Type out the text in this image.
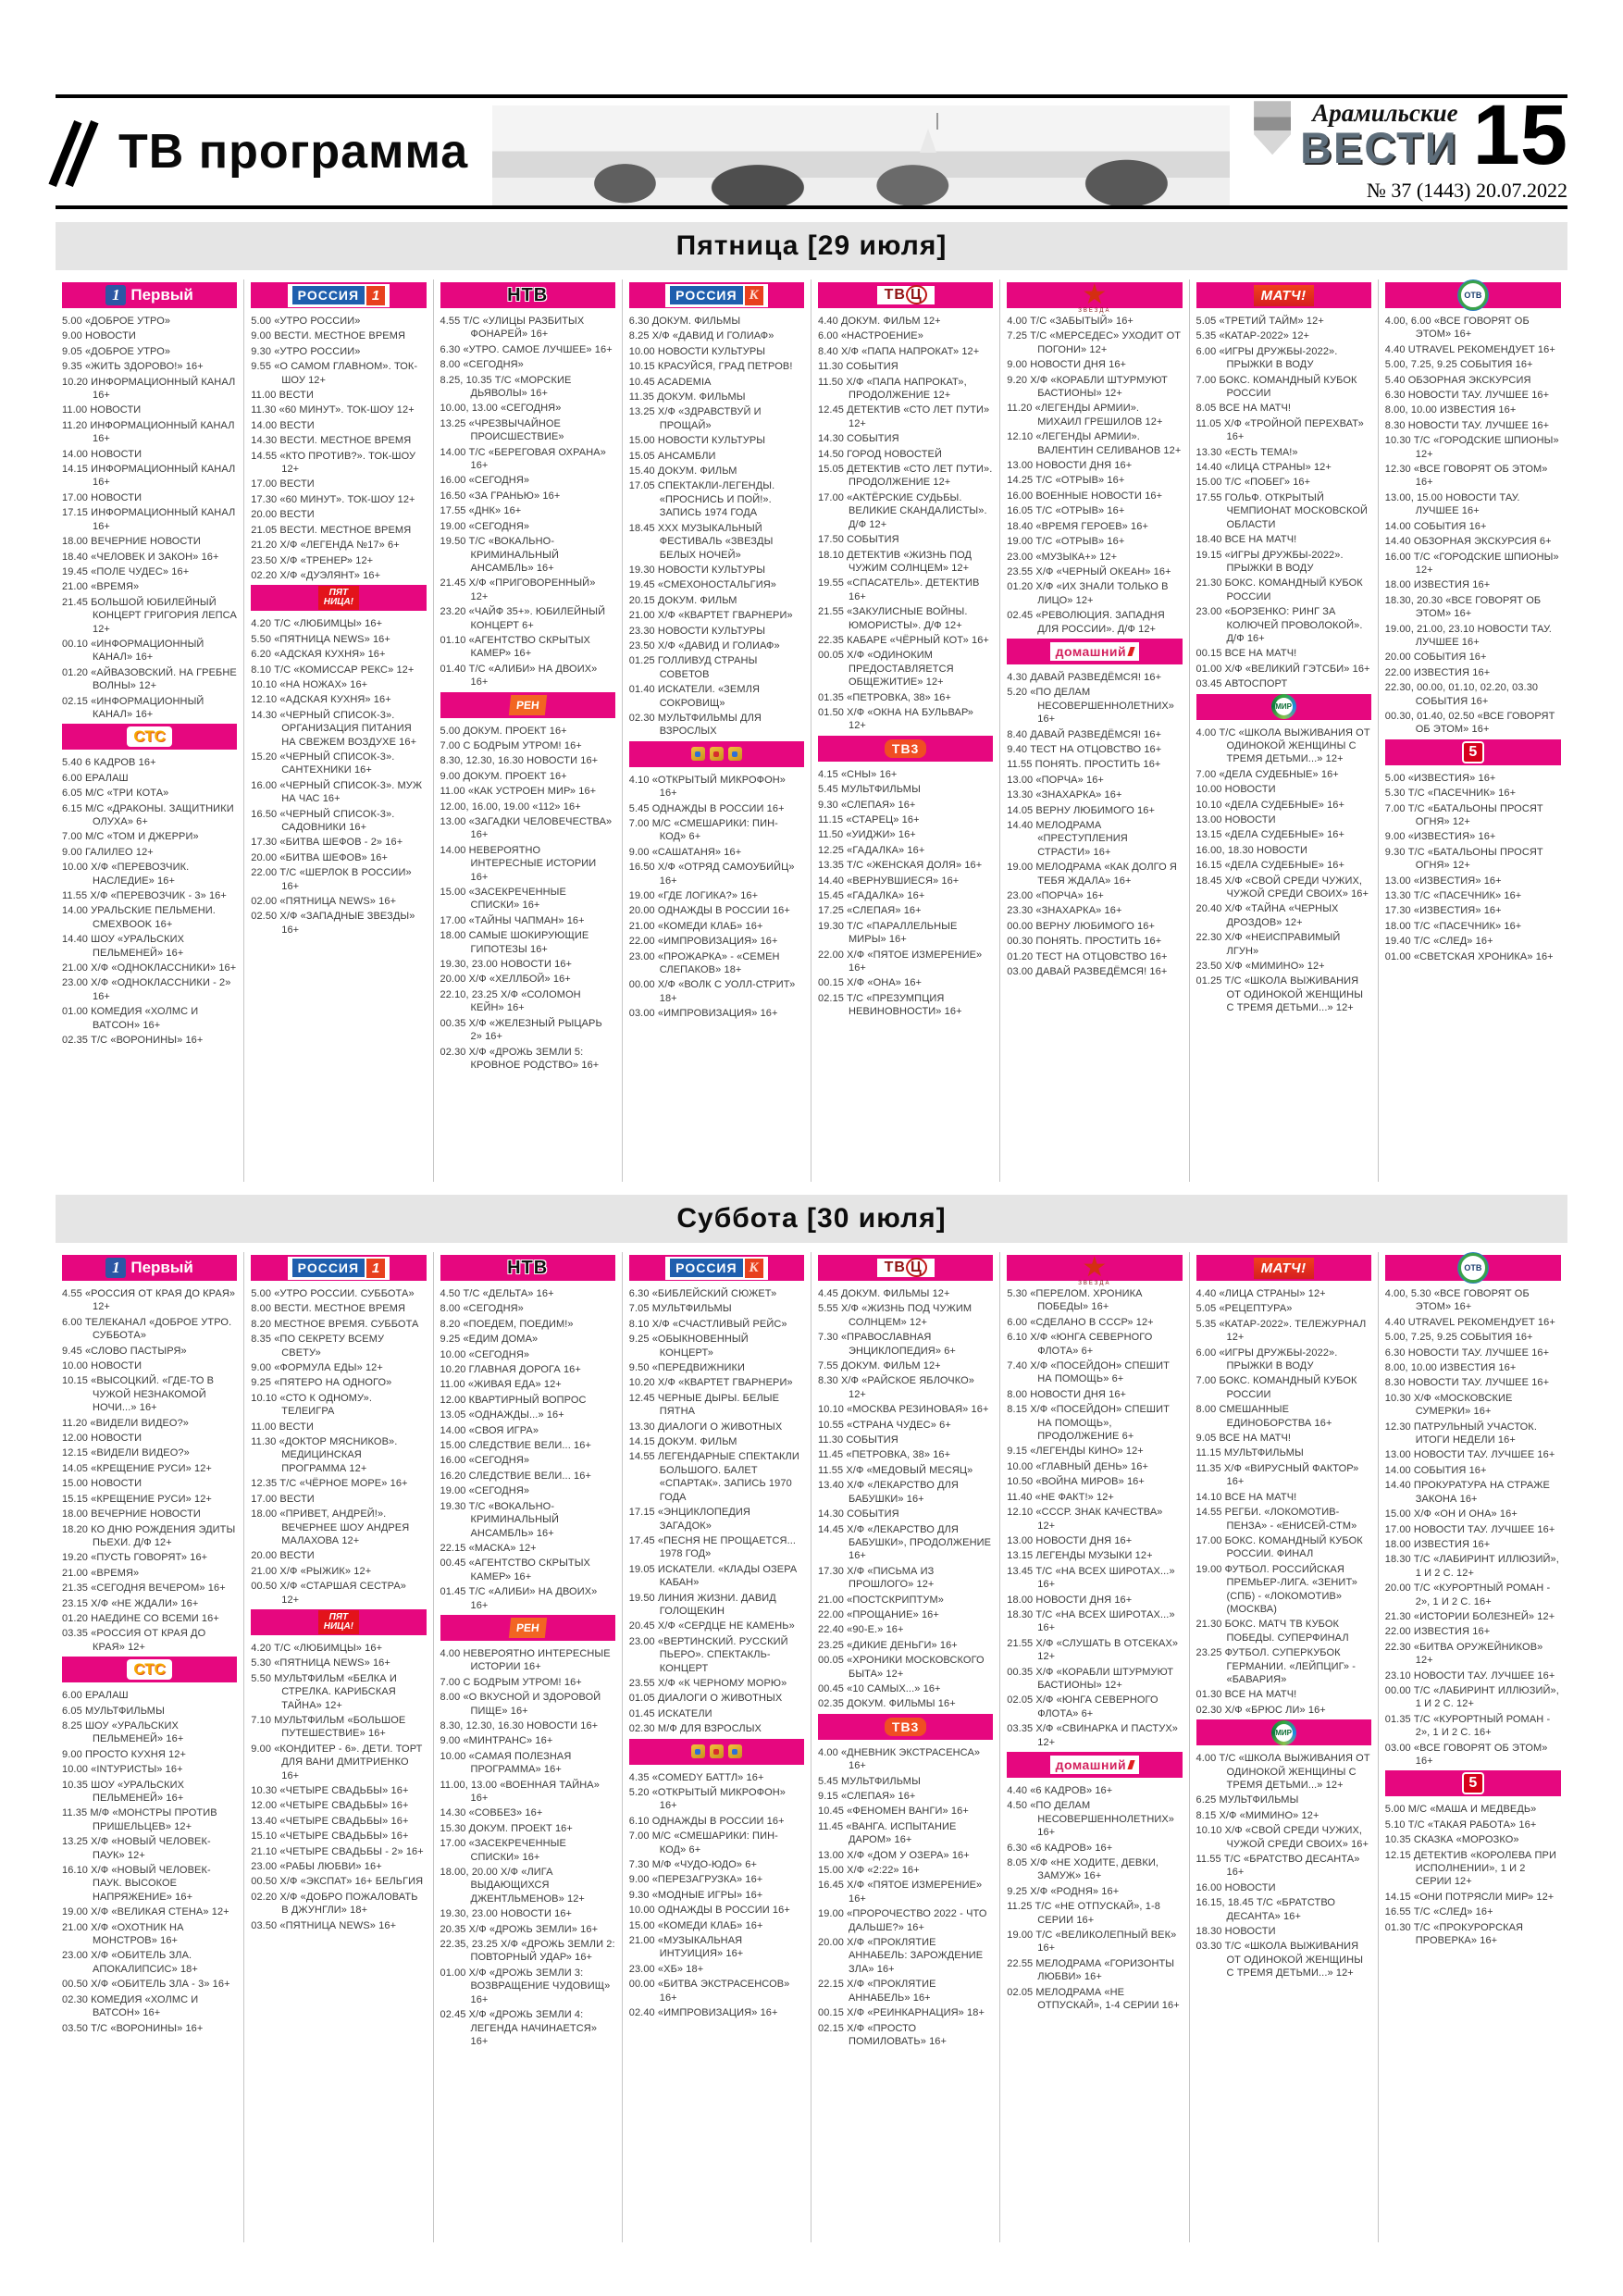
ТВ программа
Арамильские
ВЕСТИ 15
№ 37 (1443) 20.07.2022
Пятница [29 июля]
1 Первый
5.00 «ДОБРОЕ УТРО»
9.00 НОВОСТИ
9.05 «ДОБРОЕ УТРО»
9.35 «ЖИТЬ ЗДОРОВО!» 16+
10.20 ИНФОРМАЦИОННЫЙ КАНАЛ 16+
11.00 НОВОСТИ
11.20 ИНФОРМАЦИОННЫЙ КАНАЛ 16+
14.00 НОВОСТИ
14.15 ИНФОРМАЦИОННЫЙ КАНАЛ 16+
17.00 НОВОСТИ
17.15 ИНФОРМАЦИОННЫЙ КАНАЛ 16+
18.00 ВЕЧЕРНИЕ НОВОСТИ
18.40 «ЧЕЛОВЕК И ЗАКОН» 16+
19.45 «ПОЛЕ ЧУДЕС» 16+
21.00 «ВРЕМЯ»
21.45 БОЛЬШОЙ ЮБИЛЕЙНЫЙ КОНЦЕРТ ГРИГОРИЯ ЛЕПСА 12+
00.10 «ИНФОРМАЦИОННЫЙ КАНАЛ» 16+
01.20 «АЙВАЗОВСКИЙ. НА ГРЕБНЕ ВОЛНЫ» 12+
02.15 «ИНФОРМАЦИОННЫЙ КАНАЛ» 16+
СТС
5.40 6 КАДРОВ 16+
6.00 ЕРАЛАШ
6.05 М/С «ТРИ КОТА»
6.15 М/С «ДРАКОНЫ. ЗАЩИТНИКИ ОЛУХА» 6+
7.00 М/С «ТОМ И ДЖЕРРИ»
9.00 ГАЛИЛЕО 12+
10.00 Х/Ф «ПЕРЕВОЗЧИК. НАСЛЕДИЕ» 16+
11.55 Х/Ф «ПЕРЕВОЗЧИК - 3» 16+
14.00 УРАЛЬСКИЕ ПЕЛЬМЕНИ. СМЕХBOOK 16+
14.40 ШОУ «УРАЛЬСКИХ ПЕЛЬМЕНЕЙ» 16+
21.00 Х/Ф «ОДНОКЛАССНИКИ» 16+
23.00 Х/Ф «ОДНОКЛАССНИКИ - 2» 16+
01.00 КОМЕДИЯ «ХОЛМС И ВАТСОН» 16+
02.35 Т/С «ВОРОНИНЫ» 16+
РОССИЯ 1
5.00 «УТРО РОССИИ»
9.00 ВЕСТИ. МЕСТНОЕ ВРЕМЯ
9.30 «УТРО РОССИИ»
9.55 «О САМОМ ГЛАВНОМ». ТОК-ШОУ 12+
11.00 ВЕСТИ
11.30 «60 МИНУТ». ТОК-ШОУ 12+
14.00 ВЕСТИ
14.30 ВЕСТИ. МЕСТНОЕ ВРЕМЯ
14.55 «КТО ПРОТИВ?». ТОК-ШОУ 12+
17.00 ВЕСТИ
17.30 «60 МИНУТ». ТОК-ШОУ 12+
20.00 ВЕСТИ
21.05 ВЕСТИ. МЕСТНОЕ ВРЕМЯ
21.20 Х/Ф «ЛЕГЕНДА №17» 6+
23.50 Х/Ф «ТРЕНЕР» 12+
02.20 Х/Ф «ДУЭЛЯНТ» 16+
ПЯТ
НИЦА!
4.20 Т/С «ЛЮБИМЦЫ» 16+
5.50 «ПЯТНИЦА NEWS» 16+
6.20 «АДСКАЯ КУХНЯ» 16+
8.10 Т/С «КОМИССАР РЕКС» 12+
10.10 «НА НОЖАХ» 16+
12.10 «АДСКАЯ КУХНЯ» 16+
14.30 «ЧЕРНЫЙ СПИСОК-3». ОРГАНИЗАЦИЯ ПИТАНИЯ НА СВЕЖЕМ ВОЗДУХЕ 16+
15.20 «ЧЕРНЫЙ СПИСОК-3». САНТЕХНИКИ 16+
16.00 «ЧЕРНЫЙ СПИСОК-3». МУЖ НА ЧАС 16+
16.50 «ЧЕРНЫЙ СПИСОК-3». САДОВНИКИ 16+
17.30 «БИТВА ШЕФОВ - 2» 16+
20.00 «БИТВА ШЕФОВ» 16+
22.00 Т/С «ШЕРЛОК В РОССИИ» 16+
02.00 «ПЯТНИЦА NEWS» 16+
02.50 Х/Ф «ЗАПАДНЫЕ ЗВЕЗДЫ» 16+
НТВ
4.55 Т/С «УЛИЦЫ РАЗБИТЫХ ФОНАРЕЙ» 16+
6.30 «УТРО. САМОЕ ЛУЧШЕЕ» 16+
8.00 «СЕГОДНЯ»
8.25, 10.35 Т/С «МОРСКИЕ ДЬЯВОЛЫ» 16+
10.00, 13.00 «СЕГОДНЯ»
13.25 «ЧРЕЗВЫЧАЙНОЕ ПРОИСШЕСТВИЕ»
14.00 Т/С «БЕРЕГОВАЯ ОХРАНА» 16+
16.00 «СЕГОДНЯ»
16.50 «ЗА ГРАНЬЮ» 16+
17.55 «ДНК» 16+
19.00 «СЕГОДНЯ»
19.50 Т/С «ВОКАЛЬНО-КРИМИНАЛЬНЫЙ АНСАМБЛЬ» 16+
21.45 Х/Ф «ПРИГОВОРЕННЫЙ» 12+
23.20 «ЧАЙФ 35+». ЮБИЛЕЙНЫЙ КОНЦЕРТ 6+
01.10 «АГЕНТСТВО СКРЫТЫХ КАМЕР» 16+
01.40 Т/С «АЛИБИ» НА ДВОИХ» 16+
РЕН
5.00 ДОКУМ. ПРОЕКТ 16+
7.00 С БОДРЫМ УТРОМ! 16+
8.30, 12.30, 16.30 НОВОСТИ 16+
9.00 ДОКУМ. ПРОЕКТ 16+
11.00 «КАК УСТРОЕН МИР» 16+
12.00, 16.00, 19.00 «112» 16+
13.00 «ЗАГАДКИ ЧЕЛОВЕЧЕСТВА» 16+
14.00 НЕВЕРОЯТНО ИНТЕРЕСНЫЕ ИСТОРИИ 16+
15.00 «ЗАСЕКРЕЧЕННЫЕ СПИСКИ» 16+
17.00 «ТАЙНЫ ЧАПМАН» 16+
18.00 САМЫЕ ШОКИРУЮЩИЕ ГИПОТЕЗЫ 16+
19.30, 23.00 НОВОСТИ 16+
20.00 Х/Ф «ХЕЛЛБОЙ» 16+
22.10, 23.25 Х/Ф «СОЛОМОН КЕЙН» 16+
00.35 Х/Ф «ЖЕЛЕЗНЫЙ РЫЦАРЬ 2» 16+
02.30 Х/Ф «ДРОЖЬ ЗЕМЛИ 5: КРОВНОЕ РОДСТВО» 16+
РОССИЯ К
6.30 ДОКУМ. ФИЛЬМЫ
8.25 Х/Ф «ДАВИД И ГОЛИАФ»
10.00 НОВОСТИ КУЛЬТУРЫ
10.15 КРАСУЙСЯ, ГРАД ПЕТРОВ!
10.45 ACADEMIA
11.35 ДОКУМ. ФИЛЬМЫ
13.25 Х/Ф «ЗДРАВСТВУЙ И ПРОЩАЙ»
15.00 НОВОСТИ КУЛЬТУРЫ
15.05 АНСАМБЛИ
15.40 ДОКУМ. ФИЛЬМ
17.05 СПЕКТАКЛИ-ЛЕГЕНДЫ. «ПРОСНИСЬ И ПОЙ!». ЗАПИСЬ 1974 ГОДА
18.45 XXX МУЗЫКАЛЬНЫЙ ФЕСТИВАЛЬ «ЗВЕЗДЫ БЕЛЫХ НОЧЕЙ»
19.30 НОВОСТИ КУЛЬТУРЫ
19.45 «СМЕХОНОСТАЛЬГИЯ»
20.15 ДОКУМ. ФИЛЬМ
21.00 Х/Ф «КВАРТЕТ ГВАРНЕРИ»
23.30 НОВОСТИ КУЛЬТУРЫ
23.50 Х/Ф «ДАВИД И ГОЛИАФ»
01.25 ГОЛЛИВУД СТРАНЫ СОВЕТОВ
01.40 ИСКАТЕЛИ. «ЗЕМЛЯ СОКРОВИЩ»
02.30 МУЛЬТФИЛЬМЫ ДЛЯ ВЗРОСЛЫХ
4.10 «ОТКРЫТЫЙ МИКРОФОН» 16+
5.45 ОДНАЖДЫ В РОССИИ 16+
7.00 М/С «СМЕШАРИКИ: ПИН-КОД» 6+
9.00 «САШАТАНЯ» 16+
16.50 Х/Ф «ОТРЯД САМОУБИЙЦ» 16+
19.00 «ГДЕ ЛОГИКА?» 16+
20.00 ОДНАЖДЫ В РОССИИ 16+
21.00 «КОМЕДИ КЛАБ» 16+
22.00 «ИМПРОВИЗАЦИЯ» 16+
23.00 «ПРОЖАРКА» - «СЕМЕН СЛЕПАКОВ» 18+
00.00 Х/Ф «ВОЛК С УОЛЛ-СТРИТ» 18+
03.00 «ИМПРОВИЗАЦИЯ» 16+
ТВ Ц
4.40 ДОКУМ. ФИЛЬМ 12+
6.00 «НАСТРОЕНИЕ»
8.40 Х/Ф «ПАПА НАПРОКАТ» 12+
11.30 СОБЫТИЯ
11.50 Х/Ф «ПАПА НАПРОКАТ», ПРОДОЛЖЕНИЕ 12+
12.45 ДЕТЕКТИВ «СТО ЛЕТ ПУТИ» 12+
14.30 СОБЫТИЯ
14.50 ГОРОД НОВОСТЕЙ
15.05 ДЕТЕКТИВ «СТО ЛЕТ ПУТИ». ПРОДОЛЖЕНИЕ 12+
17.00 «АКТЁРСКИЕ СУДЬБЫ. ВЕЛИКИЕ СКАНДАЛИСТЫ». Д/Ф 12+
17.50 СОБЫТИЯ
18.10 ДЕТЕКТИВ «ЖИЗНЬ ПОД ЧУЖИМ СОЛНЦЕМ» 12+
19.55 «СПАСАТЕЛЬ». ДЕТЕКТИВ 16+
21.55 «ЗАКУЛИСНЫЕ ВОЙНЫ. ЮМОРИСТЫ». Д/Ф 12+
22.35 КАБАРЕ «ЧЁРНЫЙ КОТ» 16+
00.05 Х/Ф «ОДИНОКИМ ПРЕДОСТАВЛЯЕТСЯ ОБЩЕЖИТИЕ» 12+
01.35 «ПЕТРОВКА, 38» 16+
01.50 Х/Ф «ОКНА НА БУЛЬВАР» 12+
ТВ3
4.15 «СНЫ» 16+
5.45 МУЛЬТФИЛЬМЫ
9.30 «СЛЕПАЯ» 16+
11.15 «СТАРЕЦ» 16+
11.50 «УИДЖИ» 16+
12.25 «ГАДАЛКА» 16+
13.35 Т/С «ЖЕНСКАЯ ДОЛЯ» 16+
14.40 «ВЕРНУВШИЕСЯ» 16+
15.45 «ГАДАЛКА» 16+
17.25 «СЛЕПАЯ» 16+
19.30 Т/С «ПАРАЛЛЕЛЬНЫЕ МИРЫ» 16+
22.00 Х/Ф «ПЯТОЕ ИЗМЕРЕНИЕ» 16+
00.15 Х/Ф «ОНА» 16+
02.15 Т/С «ПРЕЗУМПЦИЯ НЕВИНОВНОСТИ» 16+
★
ЗВЕЗДА
4.00 Т/С «ЗАБЫТЫЙ» 16+
7.25 Т/С «МЕРСЕДЕС» УХОДИТ ОТ ПОГОНИ» 12+
9.00 НОВОСТИ ДНЯ 16+
9.20 Х/Ф «КОРАБЛИ ШТУРМУЮТ БАСТИОНЫ» 12+
11.20 «ЛЕГЕНДЫ АРМИИ». МИХАИЛ ГРЕШИЛОВ 12+
12.10 «ЛЕГЕНДЫ АРМИИ». ВАЛЕНТИН СЕЛИВАНОВ 12+
13.00 НОВОСТИ ДНЯ 16+
14.25 Т/С «ОТРЫВ» 16+
16.00 ВОЕННЫЕ НОВОСТИ 16+
16.05 Т/С «ОТРЫВ» 16+
18.40 «ВРЕМЯ ГЕРОЕВ» 16+
19.00 Т/С «ОТРЫВ» 16+
23.00 «МУЗЫКА+» 12+
23.55 Х/Ф «ЧЕРНЫЙ ОКЕАН» 16+
01.20 Х/Ф «ИХ ЗНАЛИ ТОЛЬКО В ЛИЦО» 12+
02.45 «РЕВОЛЮЦИЯ. ЗАПАДНЯ ДЛЯ РОССИИ». Д/Ф 12+
домашний
4.30 ДАВАЙ РАЗВЕДЁМСЯ! 16+
5.20 «ПО ДЕЛАМ НЕСОВЕРШЕННОЛЕТНИХ» 16+
8.40 ДАВАЙ РАЗВЕДЁМСЯ! 16+
9.40 ТЕСТ НА ОТЦОВСТВО 16+
11.55 ПОНЯТЬ. ПРОСТИТЬ 16+
13.00 «ПОРЧА» 16+
13.30 «ЗНАХАРКА» 16+
14.05 ВЕРНУ ЛЮБИМОГО 16+
14.40 МЕЛОДРАМА «ПРЕСТУПЛЕНИЯ СТРАСТИ» 16+
19.00 МЕЛОДРАМА «КАК ДОЛГО Я ТЕБЯ ЖДАЛА» 16+
23.00 «ПОРЧА» 16+
23.30 «ЗНАХАРКА» 16+
00.00 ВЕРНУ ЛЮБИМОГО 16+
00.30 ПОНЯТЬ. ПРОСТИТЬ 16+
01.20 ТЕСТ НА ОТЦОВСТВО 16+
03.00 ДАВАЙ РАЗВЕДЁМСЯ! 16+
МАТЧ!
5.05 «ТРЕТИЙ ТАЙМ» 12+
5.35 «КАТАР-2022» 12+
6.00 «ИГРЫ ДРУЖБЫ-2022». ПРЫЖКИ В ВОДУ
7.00 БОКС. КОМАНДНЫЙ КУБОК РОССИИ
8.05 ВСЕ НА МАТЧ!
11.05 Х/Ф «ТРОЙНОЙ ПЕРЕХВАТ» 16+
13.30 «ЕСТЬ ТЕМА!»
14.40 «ЛИЦА СТРАНЫ» 12+
15.00 Т/С «ПОБЕГ» 16+
17.55 ГОЛЬФ. ОТКРЫТЫЙ ЧЕМПИОНАТ МОСКОВСКОЙ ОБЛАСТИ
18.40 ВСЕ НА МАТЧ!
19.15 «ИГРЫ ДРУЖБЫ-2022». ПРЫЖКИ В ВОДУ
21.30 БОКС. КОМАНДНЫЙ КУБОК РОССИИ
23.00 «БОРЗЕНКО: РИНГ ЗА КОЛЮЧЕЙ ПРОВОЛОКОЙ». Д/Ф 16+
00.15 ВСЕ НА МАТЧ!
01.00 Х/Ф «ВЕЛИКИЙ ГЭТСБИ» 16+
03.45 АВТОСПОРТ
МИР
4.00 Т/С «ШКОЛА ВЫЖИВАНИЯ ОТ ОДИНОКОЙ ЖЕНЩИНЫ С ТРЕМЯ ДЕТЬМИ...» 12+
7.00 «ДЕЛА СУДЕБНЫЕ» 16+
10.00 НОВОСТИ
10.10 «ДЕЛА СУДЕБНЫЕ» 16+
13.00 НОВОСТИ
13.15 «ДЕЛА СУДЕБНЫЕ» 16+
16.00, 18.30 НОВОСТИ
16.15 «ДЕЛА СУДЕБНЫЕ» 16+
18.45 Х/Ф «СВОЙ СРЕДИ ЧУЖИХ, ЧУЖОЙ СРЕДИ СВОИХ» 16+
20.40 Х/Ф «ТАЙНА «ЧЕРНЫХ ДРОЗДОВ» 12+
22.30 Х/Ф «НЕИСПРАВИМЫЙ ЛГУН»
23.50 Х/Ф «МИМИНО» 12+
01.25 Т/С «ШКОЛА ВЫЖИВАНИЯ ОТ ОДИНОКОЙ ЖЕНЩИНЫ С ТРЕМЯ ДЕТЬМИ...» 12+
ОТВ
4.00, 6.00 «ВСЕ ГОВОРЯТ ОБ ЭТОМ» 16+
4.40 UTRAVEL РЕКОМЕНДУЕТ 16+
5.00, 7.25, 9.25 СОБЫТИЯ 16+
5.40 ОБЗОРНАЯ ЭКСКУРСИЯ
6.30 НОВОСТИ ТАУ. ЛУЧШЕЕ 16+
8.00, 10.00 ИЗВЕСТИЯ 16+
8.30 НОВОСТИ ТАУ. ЛУЧШЕЕ 16+
10.30 Т/С «ГОРОДСКИЕ ШПИОНЫ» 12+
12.30 «ВСЕ ГОВОРЯТ ОБ ЭТОМ» 16+
13.00, 15.00 НОВОСТИ ТАУ. ЛУЧШЕЕ 16+
14.00 СОБЫТИЯ 16+
14.40 ОБЗОРНАЯ ЭКСКУРСИЯ 6+
16.00 Т/С «ГОРОДСКИЕ ШПИОНЫ» 12+
18.00 ИЗВЕСТИЯ 16+
18.30, 20.30 «ВСЕ ГОВОРЯТ ОБ ЭТОМ» 16+
19.00, 21.00, 23.10 НОВОСТИ ТАУ. ЛУЧШЕЕ 16+
20.00 СОБЫТИЯ 16+
22.00 ИЗВЕСТИЯ 16+
22.30, 00.00, 01.10, 02.20, 03.30 СОБЫТИЯ 16+
00.30, 01.40, 02.50 «ВСЕ ГОВОРЯТ ОБ ЭТОМ» 16+
5
5.00 «ИЗВЕСТИЯ» 16+
5.30 Т/С «ПАСЕЧНИК» 16+
7.00 Т/С «БАТАЛЬОНЫ ПРОСЯТ ОГНЯ» 12+
9.00 «ИЗВЕСТИЯ» 16+
9.30 Т/С «БАТАЛЬОНЫ ПРОСЯТ ОГНЯ» 12+
13.00 «ИЗВЕСТИЯ» 16+
13.30 Т/С «ПАСЕЧНИК» 16+
17.30 «ИЗВЕСТИЯ» 16+
18.00 Т/С «ПАСЕЧНИК» 16+
19.40 Т/С «СЛЕД» 16+
01.00 «СВЕТСКАЯ ХРОНИКА» 16+
Суббота [30 июля]
1 Первый
4.55 «РОССИЯ ОТ КРАЯ ДО КРАЯ» 12+
6.00 ТЕЛЕКАНАЛ «ДОБРОЕ УТРО. СУББОТА»
9.45 «СЛОВО ПАСТЫРЯ»
10.00 НОВОСТИ
10.15 «ВЫСОЦКИЙ. «ГДЕ-ТО В ЧУЖОЙ НЕЗНАКОМОЙ НОЧИ...» 16+
11.20 «ВИДЕЛИ ВИДЕО?»
12.00 НОВОСТИ
12.15 «ВИДЕЛИ ВИДЕО?»
14.05 «КРЕЩЕНИЕ РУСИ» 12+
15.00 НОВОСТИ
15.15 «КРЕЩЕНИЕ РУСИ» 12+
18.00 ВЕЧЕРНИЕ НОВОСТИ
18.20 КО ДНЮ РОЖДЕНИЯ ЭДИТЫ ПЬЕХИ. Д/Ф 12+
19.20 «ПУСТЬ ГОВОРЯТ» 16+
21.00 «ВРЕМЯ»
21.35 «СЕГОДНЯ ВЕЧЕРОМ» 16+
23.15 Х/Ф «НЕ ЖДАЛИ» 16+
01.20 НАЕДИНЕ СО ВСЕМИ 16+
03.35 «РОССИЯ ОТ КРАЯ ДО КРАЯ» 12+
СТС
6.00 ЕРАЛАШ
6.05 МУЛЬТФИЛЬМЫ
8.25 ШОУ «УРАЛЬСКИХ ПЕЛЬМЕНЕЙ» 16+
9.00 ПРОСТО КУХНЯ 12+
10.00 «INТУРИСТЫ» 16+
10.35 ШОУ «УРАЛЬСКИХ ПЕЛЬМЕНЕЙ» 16+
11.35 М/Ф «МОНСТРЫ ПРОТИВ ПРИШЕЛЬЦЕВ» 12+
13.25 Х/Ф «НОВЫЙ ЧЕЛОВЕК-ПАУК» 12+
16.10 Х/Ф «НОВЫЙ ЧЕЛОВЕК-ПАУК. ВЫСОКОЕ НАПРЯЖЕНИЕ» 16+
19.00 Х/Ф «ВЕЛИКАЯ СТЕНА» 12+
21.00 Х/Ф «ОХОТНИК НА МОНСТРОВ» 16+
23.00 Х/Ф «ОБИТЕЛЬ ЗЛА. АПОКАЛИПСИС» 18+
00.50 Х/Ф «ОБИТЕЛЬ ЗЛА - 3» 16+
02.30 КОМЕДИЯ «ХОЛМС И ВАТСОН» 16+
03.50 Т/С «ВОРОНИНЫ» 16+
РОССИЯ 1
5.00 «УТРО РОССИИ. СУББОТА»
8.00 ВЕСТИ. МЕСТНОЕ ВРЕМЯ
8.20 МЕСТНОЕ ВРЕМЯ. СУББОТА
8.35 «ПО СЕКРЕТУ ВСЕМУ СВЕТУ»
9.00 «ФОРМУЛА ЕДЫ» 12+
9.25 «ПЯТЕРО НА ОДНОГО»
10.10 «СТО К ОДНОМУ». ТЕЛЕИГРА
11.00 ВЕСТИ
11.30 «ДОКТОР МЯСНИКОВ». МЕДИЦИНСКАЯ ПРОГРАММА 12+
12.35 Т/С «ЧЁРНОЕ МОРЕ» 16+
17.00 ВЕСТИ
18.00 «ПРИВЕТ, АНДРЕЙ!». ВЕЧЕРНЕЕ ШОУ АНДРЕЯ МАЛАХОВА 12+
20.00 ВЕСТИ
21.00 Х/Ф «РЫЖИК» 12+
00.50 Х/Ф «СТАРШАЯ СЕСТРА» 12+
ПЯТ
НИЦА!
4.20 Т/С «ЛЮБИМЦЫ» 16+
5.30 «ПЯТНИЦА NEWS» 16+
5.50 МУЛЬТФИЛЬМ «БЕЛКА И СТРЕЛКА. КАРИБСКАЯ ТАЙНА» 12+
7.10 МУЛЬТФИЛЬМ «БОЛЬШОЕ ПУТЕШЕСТВИЕ» 16+
9.00 «КОНДИТЕР - 6». ДЕТИ. ТОРТ ДЛЯ ВАНИ ДМИТРИЕНКО 16+
10.30 «ЧЕТЫРЕ СВАДЬБЫ» 16+
12.00 «ЧЕТЫРЕ СВАДЬБЫ» 16+
13.40 «ЧЕТЫРЕ СВАДЬБЫ» 16+
15.10 «ЧЕТЫРЕ СВАДЬБЫ» 16+
21.10 «ЧЕТЫРЕ СВАДЬБЫ - 2» 16+
23.00 «РАБЫ ЛЮБВИ» 16+
00.50 Х/Ф «ЭКСПАТ» 16+ БЕЛЬГИЯ
02.20 Х/Ф «ДОБРО ПОЖАЛОВАТЬ В ДЖУНГЛИ» 18+
03.50 «ПЯТНИЦА NEWS» 16+
НТВ
4.50 Т/С «ДЕЛЬТА» 16+
8.00 «СЕГОДНЯ»
8.20 «ПОЕДЕМ, ПОЕДИМ!»
9.25 «ЕДИМ ДОМА»
10.00 «СЕГОДНЯ»
10.20 ГЛАВНАЯ ДОРОГА 16+
11.00 «ЖИВАЯ ЕДА» 12+
12.00 КВАРТИРНЫЙ ВОПРОС
13.05 «ОДНАЖДЫ...» 16+
14.00 «СВОЯ ИГРА»
15.00 СЛЕДСТВИЕ ВЕЛИ... 16+
16.00 «СЕГОДНЯ»
16.20 СЛЕДСТВИЕ ВЕЛИ... 16+
19.00 «СЕГОДНЯ»
19.30 Т/С «ВОКАЛЬНО-КРИМИНАЛЬНЫЙ АНСАМБЛЬ» 16+
22.15 «МАСКА» 12+
00.45 «АГЕНТСТВО СКРЫТЫХ КАМЕР» 16+
01.45 Т/С «АЛИБИ» НА ДВОИХ» 16+
РЕН
4.00 НЕВЕРОЯТНО ИНТЕРЕСНЫЕ ИСТОРИИ 16+
7.00 С БОДРЫМ УТРОМ! 16+
8.00 «О ВКУСНОЙ И ЗДОРОВОЙ ПИЩЕ» 16+
8.30, 12.30, 16.30 НОВОСТИ 16+
9.00 «МИНТРАНС» 16+
10.00 «САМАЯ ПОЛЕЗНАЯ ПРОГРАММА» 16+
11.00, 13.00 «ВОЕННАЯ ТАЙНА» 16+
14.30 «СОВБЕЗ» 16+
15.30 ДОКУМ. ПРОЕКТ 16+
17.00 «ЗАСЕКРЕЧЕННЫЕ СПИСКИ» 16+
18.00, 20.00 Х/Ф «ЛИГА ВЫДАЮЩИХСЯ ДЖЕНТЛЬМЕНОВ» 12+
19.30, 23.00 НОВОСТИ 16+
20.35 Х/Ф «ДРОЖЬ ЗЕМЛИ» 16+
22.35, 23.25 Х/Ф «ДРОЖЬ ЗЕМЛИ 2: ПОВТОРНЫЙ УДАР» 16+
01.00 Х/Ф «ДРОЖЬ ЗЕМЛИ 3: ВОЗВРАЩЕНИЕ ЧУДОВИЩ» 16+
02.45 Х/Ф «ДРОЖЬ ЗЕМЛИ 4: ЛЕГЕНДА НАЧИНАЕТСЯ» 16+
РОССИЯ К
6.30 «БИБЛЕЙСКИЙ СЮЖЕТ»
7.05 МУЛЬТФИЛЬМЫ
8.10 Х/Ф «СЧАСТЛИВЫЙ РЕЙС»
9.25 «ОБЫКНОВЕННЫЙ КОНЦЕРТ»
9.50 «ПЕРЕДВИЖНИКИ
10.20 Х/Ф «КВАРТЕТ ГВАРНЕРИ»
12.45 ЧЕРНЫЕ ДЫРЫ. БЕЛЫЕ ПЯТНА
13.30 ДИАЛОГИ О ЖИВОТНЫХ
14.15 ДОКУМ. ФИЛЬМ
14.55 ЛЕГЕНДАРНЫЕ СПЕКТАКЛИ БОЛЬШОГО. БАЛЕТ «СПАРТАК». ЗАПИСЬ 1970 ГОДА
17.15 «ЭНЦИКЛОПЕДИЯ ЗАГАДОК»
17.45 «ПЕСНЯ НЕ ПРОЩАЕТСЯ... 1978 ГОД»
19.05 ИСКАТЕЛИ. «КЛАДЫ ОЗЕРА КАБАН»
19.50 ЛИНИЯ ЖИЗНИ. ДАВИД ГОЛОЩЕКИН
20.45 Х/Ф «СЕРДЦЕ НЕ КАМЕНЬ»
23.00 «ВЕРТИНСКИЙ. РУССКИЙ ПЬЕРО». СПЕКТАКЛЬ-КОНЦЕРТ
23.55 Х/Ф «К ЧЕРНОМУ МОРЮ»
01.05 ДИАЛОГИ О ЖИВОТНЫХ
01.45 ИСКАТЕЛИ
02.30 М/Ф ДЛЯ ВЗРОСЛЫХ
4.35 «COMEDY БАТТЛ» 16+
5.20 «ОТКРЫТЫЙ МИКРОФОН» 16+
6.10 ОДНАЖДЫ В РОССИИ 16+
7.00 М/С «СМЕШАРИКИ: ПИН-КОД» 6+
7.30 М/Ф «ЧУДО-ЮДО» 6+
9.00 «ПЕРЕЗАГРУЗКА» 16+
9.30 «МОДНЫЕ ИГРЫ» 16+
10.00 ОДНАЖДЫ В РОССИИ 16+
15.00 «КОМЕДИ КЛАБ» 16+
21.00 «МУЗЫКАЛЬНАЯ ИНТУИЦИЯ» 16+
23.00 «ХБ» 18+
00.00 «БИТВА ЭКСТРАСЕНСОВ» 16+
02.40 «ИМПРОВИЗАЦИЯ» 16+
ТВ Ц
4.45 ДОКУМ. ФИЛЬМЫ 12+
5.55 Х/Ф «ЖИЗНЬ ПОД ЧУЖИМ СОЛНЦЕМ» 12+
7.30 «ПРАВОСЛАВНАЯ ЭНЦИКЛОПЕДИЯ» 6+
7.55 ДОКУМ. ФИЛЬМ 12+
8.30 Х/Ф «РАЙСКОЕ ЯБЛОЧКО» 12+
10.10 «МОСКВА РЕЗИНОВАЯ» 16+
10.55 «СТРАНА ЧУДЕС» 6+
11.30 СОБЫТИЯ
11.45 «ПЕТРОВКА, 38» 16+
11.55 Х/Ф «МЕДОВЫЙ МЕСЯЦ»
13.40 Х/Ф «ЛЕКАРСТВО ДЛЯ БАБУШКИ» 16+
14.30 СОБЫТИЯ
14.45 Х/Ф «ЛЕКАРСТВО ДЛЯ БАБУШКИ», ПРОДОЛЖЕНИЕ 16+
17.30 Х/Ф «ПИСЬМА ИЗ ПРОШЛОГО» 12+
21.00 «ПОСТСКРИПТУМ»
22.00 «ПРОЩАНИЕ» 16+
22.40 «90-Е.» 16+
23.25 «ДИКИЕ ДЕНЬГИ» 16+
00.05 «ХРОНИКИ МОСКОВСКОГО БЫТА» 12+
00.45 «10 САМЫХ...» 16+
02.35 ДОКУМ. ФИЛЬМЫ 16+
ТВ3
4.00 «ДНЕВНИК ЭКСТРАСЕНСА» 16+
5.45 МУЛЬТФИЛЬМЫ
9.15 «СЛЕПАЯ» 16+
10.45 «ФЕНОМЕН ВАНГИ» 16+
11.45 «ВАНГА. ИСПЫТАНИЕ ДАРОМ» 16+
13.00 Х/Ф «ДОМ У ОЗЕРА» 16+
15.00 Х/Ф «2:22» 16+
16.45 Х/Ф «ПЯТОЕ ИЗМЕРЕНИЕ» 16+
19.00 «ПРОРОЧЕСТВО 2022 - ЧТО ДАЛЬШЕ?» 16+
20.00 Х/Ф «ПРОКЛЯТИЕ АННАБЕЛЬ: ЗАРОЖДЕНИЕ ЗЛА» 16+
22.15 Х/Ф «ПРОКЛЯТИЕ АННАБЕЛЬ» 16+
00.15 Х/Ф «РЕИНКАРНАЦИЯ» 18+
02.15 Х/Ф «ПРОСТО ПОМИЛОВАТЬ» 16+
★
ЗВЕЗДА
5.30 «ПЕРЕЛОМ. ХРОНИКА ПОБЕДЫ» 16+
6.00 «СДЕЛАНО В СССР» 12+
6.10 Х/Ф «ЮНГА СЕВЕРНОГО ФЛОТА» 6+
7.40 Х/Ф «ПОСЕЙДОН» СПЕШИТ НА ПОМОЩЬ» 6+
8.00 НОВОСТИ ДНЯ 16+
8.15 Х/Ф «ПОСЕЙДОН» СПЕШИТ НА ПОМОЩЬ», ПРОДОЛЖЕНИЕ 6+
9.15 «ЛЕГЕНДЫ КИНО» 12+
10.00 «ГЛАВНЫЙ ДЕНЬ» 16+
10.50 «ВОЙНА МИРОВ» 16+
11.40 «НЕ ФАКТ!» 12+
12.10 «СССР. ЗНАК КАЧЕСТВА» 12+
13.00 НОВОСТИ ДНЯ 16+
13.15 ЛЕГЕНДЫ МУЗЫКИ 12+
13.45 Т/С «НА ВСЕХ ШИРОТАХ...» 16+
18.00 НОВОСТИ ДНЯ 16+
18.30 Т/С «НА ВСЕХ ШИРОТАХ...» 16+
21.55 Х/Ф «СЛУШАТЬ В ОТСЕКАХ» 12+
00.35 Х/Ф «КОРАБЛИ ШТУРМУЮТ БАСТИОНЫ» 12+
02.05 Х/Ф «ЮНГА СЕВЕРНОГО ФЛОТА» 6+
03.35 Х/Ф «СВИНАРКА И ПАСТУХ» 12+
домашний
4.40 «6 КАДРОВ» 16+
4.50 «ПО ДЕЛАМ НЕСОВЕРШЕННОЛЕТНИХ» 16+
6.30 «6 КАДРОВ» 16+
8.05 Х/Ф «НЕ ХОДИТЕ, ДЕВКИ, ЗАМУЖ» 16+
9.25 Х/Ф «РОДНЯ» 16+
11.25 Т/С «НЕ ОТПУСКАЙ», 1-8 СЕРИИ 16+
19.00 Т/С «ВЕЛИКОЛЕПНЫЙ ВЕК» 16+
22.55 МЕЛОДРАМА «ГОРИЗОНТЫ ЛЮБВИ» 16+
02.05 МЕЛОДРАМА «НЕ ОТПУСКАЙ», 1-4 СЕРИИ 16+
МАТЧ!
4.40 «ЛИЦА СТРАНЫ» 12+
5.05 «РЕЦЕПТУРА»
5.35 «КАТАР-2022». ТЕЛЕЖУРНАЛ 12+
6.00 «ИГРЫ ДРУЖБЫ-2022». ПРЫЖКИ В ВОДУ
7.00 БОКС. КОМАНДНЫЙ КУБОК РОССИИ
8.00 СМЕШАННЫЕ ЕДИНОБОРСТВА 16+
9.05 ВСЕ НА МАТЧ!
11.15 МУЛЬТФИЛЬМЫ
11.35 Х/Ф «ВИРУСНЫЙ ФАКТОР» 16+
14.10 ВСЕ НА МАТЧ!
14.55 РЕГБИ. «ЛОКОМОТИВ-ПЕНЗА» - «ЕНИСЕЙ-СТМ»
17.00 БОКС. КОМАНДНЫЙ КУБОК РОССИИ. ФИНАЛ
19.00 ФУТБОЛ. РОССИЙСКАЯ ПРЕМЬЕР-ЛИГА. «ЗЕНИТ» (СПБ) - «ЛОКОМОТИВ» (МОСКВА)
21.30 БОКС. МАТЧ ТВ КУБОК ПОБЕДЫ. СУПЕРФИНАЛ
23.25 ФУТБОЛ. СУПЕРКУБОК ГЕРМАНИИ. «ЛЕЙПЦИГ» - «БАВАРИЯ»
01.30 ВСЕ НА МАТЧ!
02.30 Х/Ф «БРЮС ЛИ» 16+
МИР
4.00 Т/С «ШКОЛА ВЫЖИВАНИЯ ОТ ОДИНОКОЙ ЖЕНЩИНЫ С ТРЕМЯ ДЕТЬМИ...» 12+
6.25 МУЛЬТФИЛЬМЫ
8.15 Х/Ф «МИМИНО» 12+
10.10 Х/Ф «СВОЙ СРЕДИ ЧУЖИХ, ЧУЖОЙ СРЕДИ СВОИХ» 16+
11.55 Т/С «БРАТСТВО ДЕСАНТА» 16+
16.00 НОВОСТИ
16.15, 18.45 Т/С «БРАТСТВО ДЕСАНТА» 16+
18.30 НОВОСТИ
03.30 Т/С «ШКОЛА ВЫЖИВАНИЯ ОТ ОДИНОКОЙ ЖЕНЩИНЫ С ТРЕМЯ ДЕТЬМИ...» 12+
ОТВ
4.00, 5.30 «ВСЕ ГОВОРЯТ ОБ ЭТОМ» 16+
4.40 UTRAVEL РЕКОМЕНДУЕТ 16+
5.00, 7.25, 9.25 СОБЫТИЯ 16+
6.30 НОВОСТИ ТАУ. ЛУЧШЕЕ 16+
8.00, 10.00 ИЗВЕСТИЯ 16+
8.30 НОВОСТИ ТАУ. ЛУЧШЕЕ 16+
10.30 Х/Ф «МОСКОВСКИЕ СУМЕРКИ» 16+
12.30 ПАТРУЛЬНЫЙ УЧАСТОК. ИТОГИ НЕДЕЛИ 16+
13.00 НОВОСТИ ТАУ. ЛУЧШЕЕ 16+
14.00 СОБЫТИЯ 16+
14.40 ПРОКУРАТУРА НА СТРАЖЕ ЗАКОНА 16+
15.00 Х/Ф «ОН И ОНА» 16+
17.00 НОВОСТИ ТАУ. ЛУЧШЕЕ 16+
18.00 ИЗВЕСТИЯ 16+
18.30 Т/С «ЛАБИРИНТ ИЛЛЮЗИЙ», 1 И 2 С. 12+
20.00 Т/С «КУРОРТНЫЙ РОМАН - 2», 1 И 2 С. 16+
21.30 «ИСТОРИИ БОЛЕЗНЕЙ» 12+
22.00 ИЗВЕСТИЯ 16+
22.30 «БИТВА ОРУЖЕЙНИКОВ» 12+
23.10 НОВОСТИ ТАУ. ЛУЧШЕЕ 16+
00.00 Т/С «ЛАБИРИНТ ИЛЛЮЗИЙ», 1 И 2 С. 12+
01.35 Т/С «КУРОРТНЫЙ РОМАН - 2», 1 И 2 С. 16+
03.00 «ВСЕ ГОВОРЯТ ОБ ЭТОМ» 16+
5
5.00 М/С «МАША И МЕДВЕДЬ»
5.10 Т/С «ТАКАЯ РАБОТА» 16+
10.35 СКАЗКА «МОРОЗКО»
12.15 ДЕТЕКТИВ «КОРОЛЕВА ПРИ ИСПОЛНЕНИИ», 1 И 2 СЕРИИ 12+
14.15 «ОНИ ПОТРЯСЛИ МИР» 12+
16.55 Т/С «СЛЕД» 16+
01.30 Т/С «ПРОКУРОРСКАЯ ПРОВЕРКА» 16+
